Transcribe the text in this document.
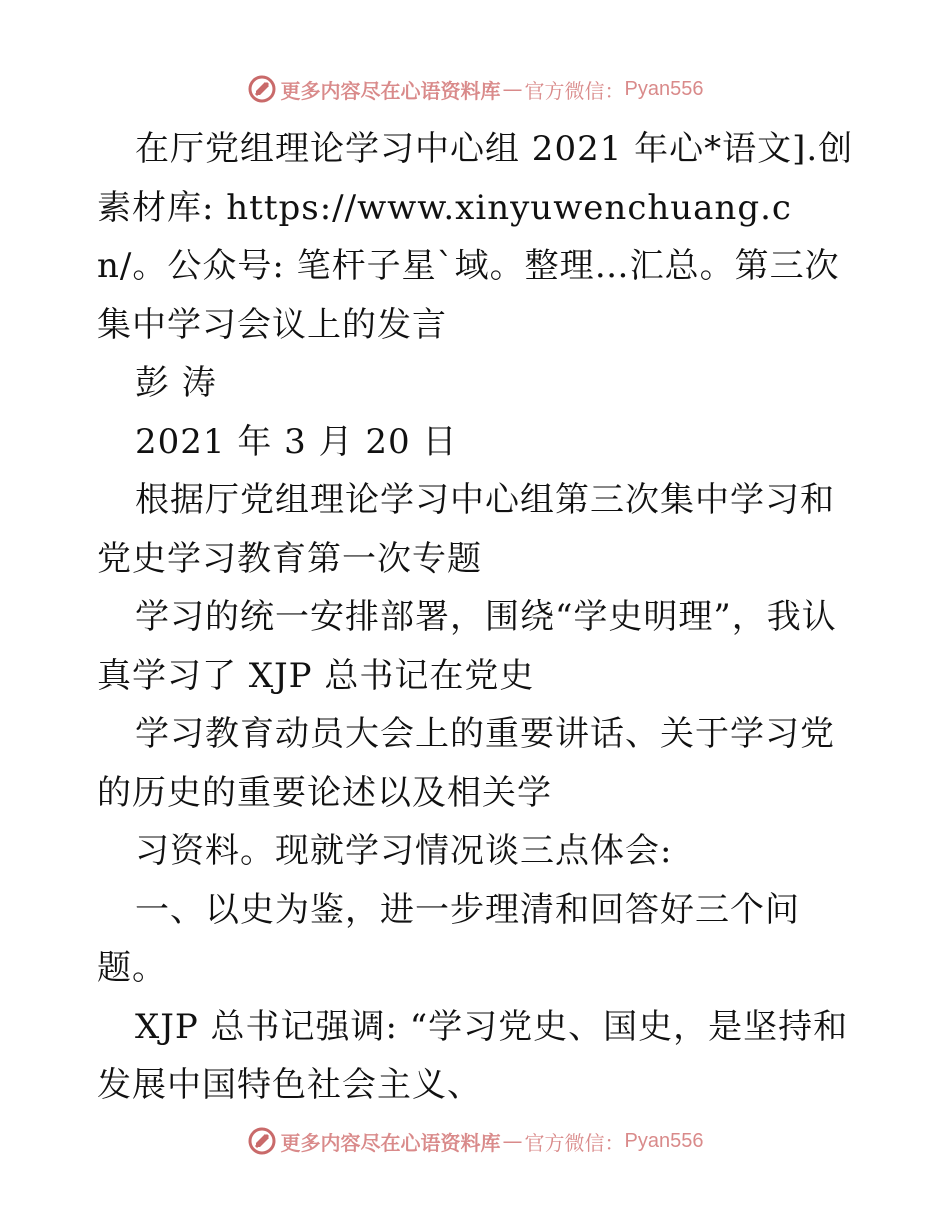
更多内容尽在心语资料库 — 官方微信： Pyan556

在厅党组理论学习中心组 2021 年心*语文].创素材库: https://www.xinyuwenchuang.cn/。公众号: 笔杆子星`域。整理…汇总。第三次集中学习会议上的发言

彭 涛

2021 年 3 月 20 日

根据厅党组理论学习中心组第三次集中学习和党史学习教育第一次专题

学习的统一安排部署，围绕“学史明理”，我认真学习了 XJP 总书记在党史

学习教育动员大会上的重要讲话、关于学习党的历史的重要论述以及相关学

习资料。现就学习情况谈三点体会:

一、以史为鉴，进一步理清和回答好三个问题。

XJP 总书记强调: “学习党史、国史，是坚持和发展中国特色社会主义、

更多内容尽在心语资料库 — 官方微信： Pyan556
